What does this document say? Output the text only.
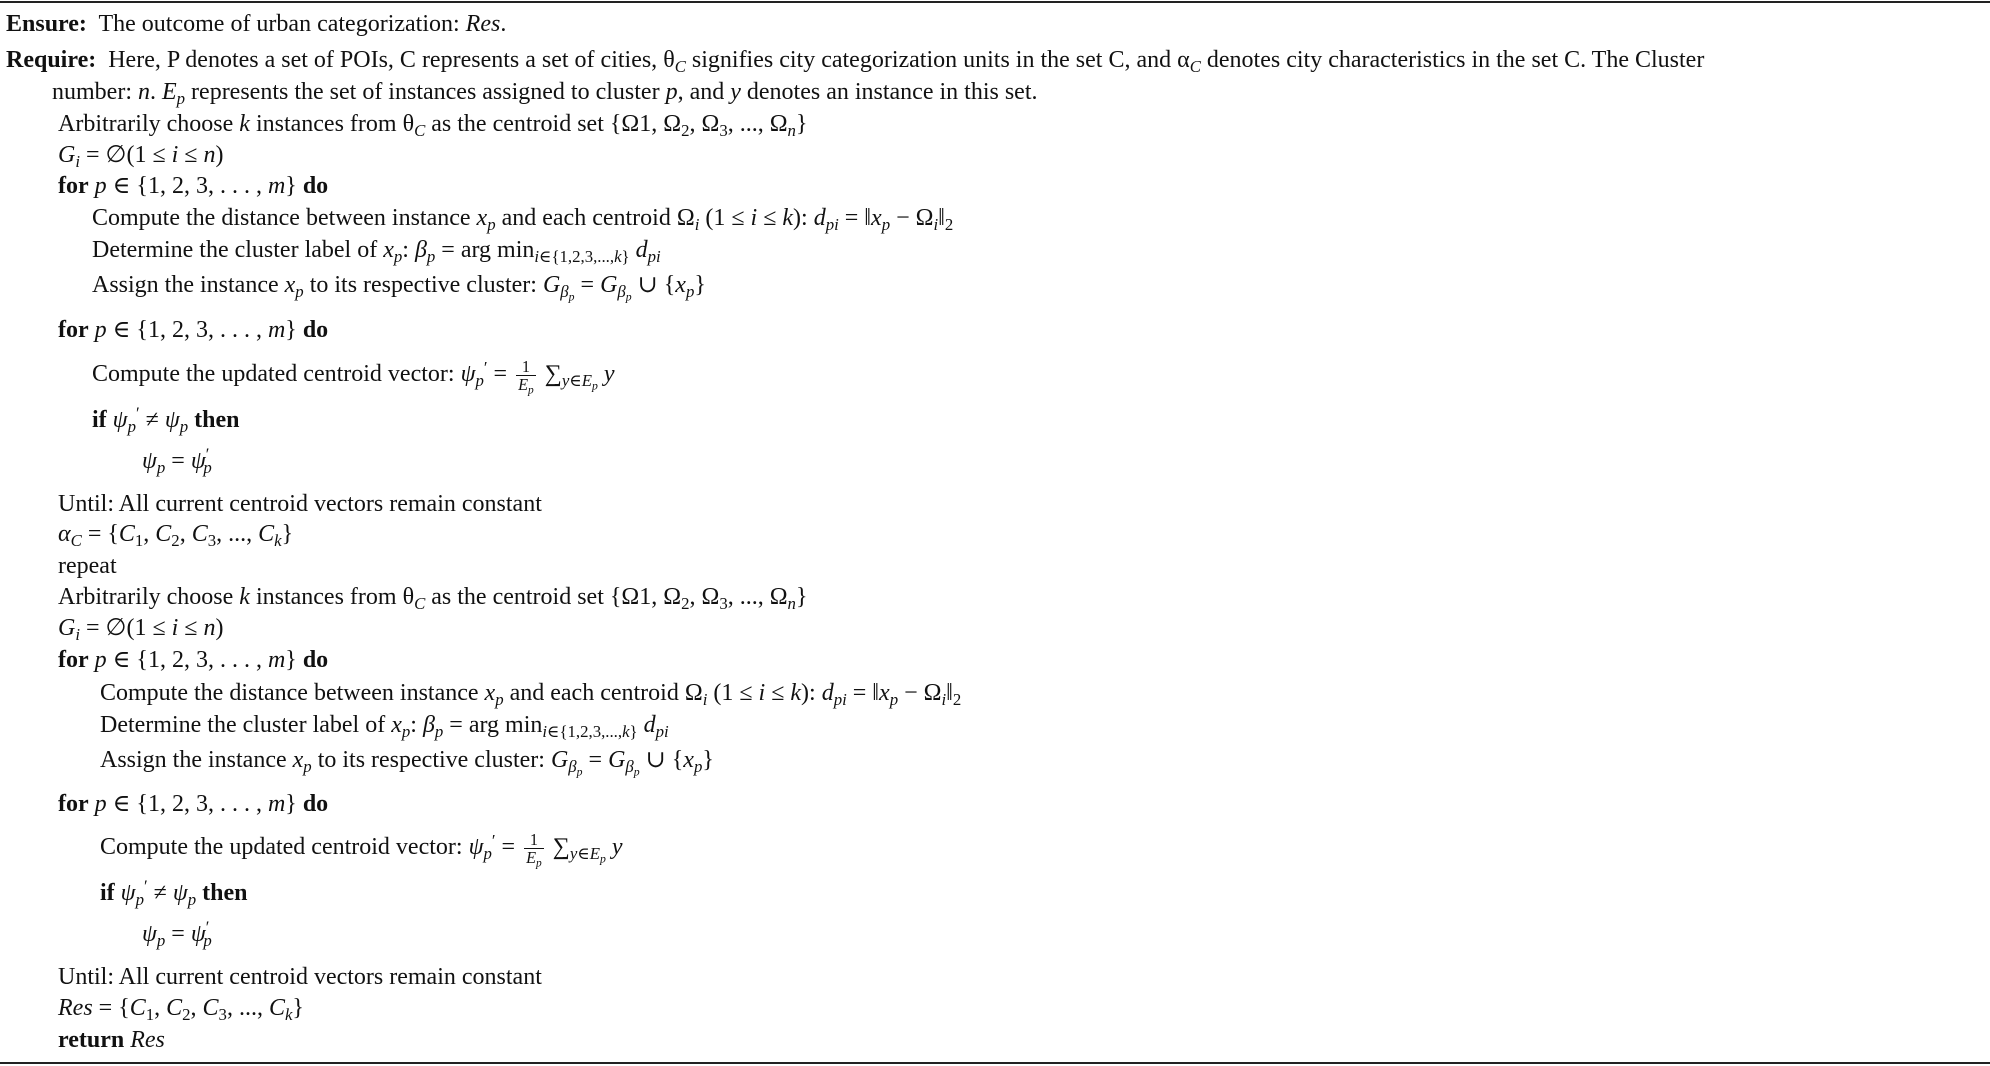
Ensure: The outcome of urban categorization: Res.
Require: Here, P denotes a set of POIs, C represents a set of cities, $\theta_C$ signifies city categorization units in the set C, and $\alpha_C$ denotes city characteristics in the set C. The Cluster
number: n. $E_p$ represents the set of instances assigned to cluster p, and y denotes an instance in this set.
Arbitrarily choose k instances from $\theta_C$ as the centroid set {Ω1, $\Omega_2$, $\Omega_3$, ..., $\Omega_n$}
$G_i$ = ∅(1 ≤ i ≤ n)
for p ∈ {1, 2, 3, . . . , m} do
Compute the distance between instance $x_p$ and each centroid $\Omega_i$ (1 ≤ i ≤ k): $d_{pi}$ = $‖x_p$ − $\Omega_i‖_2$
Determine the cluster label of $x_p$: $\beta_p$ = arg $\min_{i\in\{1,2,3,...,k\}} d_{pi}$
Assign the instance $x_p$ to its respective cluster: $G_{\beta_p} = G_{\beta_p}$ ∪ $\{x_p\}$
for p ∈ {1, 2, 3, . . . , m} do
Compute the updated centroid vector: $\psi_p' = \frac{1}{E_p} \sum_{y\in E_p}$ y
if $\psi_p' \ne \psi_p$ then
$\psi_p = \psi'_p$
Until: All current centroid vectors remain constant
$\alpha_C = \{C_1$, $C_2$, $C_3$, ..., $C_k$}
repeat
Arbitrarily choose k instances from $\theta_C$ as the centroid set {Ω1, $\Omega_2$, $\Omega_3$, ..., $\Omega_n$}
$G_i$ = ∅(1 ≤ i ≤ n)
for p ∈ {1, 2, 3, . . . , m} do
Compute the distance between instance $x_p$ and each centroid $\Omega_i$ (1 ≤ i ≤ k): $d_{pi}$ = $‖x_p$ − $\Omega_i‖_2$
Determine the cluster label of $x_p$: $\beta_p$ = arg $\min_{i\in\{1,2,3,...,k\}} d_{pi}$
Assign the instance $x_p$ to its respective cluster: $G_{\beta_p} = G_{\beta_p}$ ∪ $\{x_p\}$
for p ∈ {1, 2, 3, . . . , m} do
Compute the updated centroid vector: $\psi_p' = \frac{1}{E_p} \sum_{y\in E_p}$ y
if $\psi_p' \ne \psi_p$ then
$\psi_p = \psi'_p$
Until: All current centroid vectors remain constant
Res = {$C_1$, $C_2$, $C_3$, ..., $C_k$}
return Res
